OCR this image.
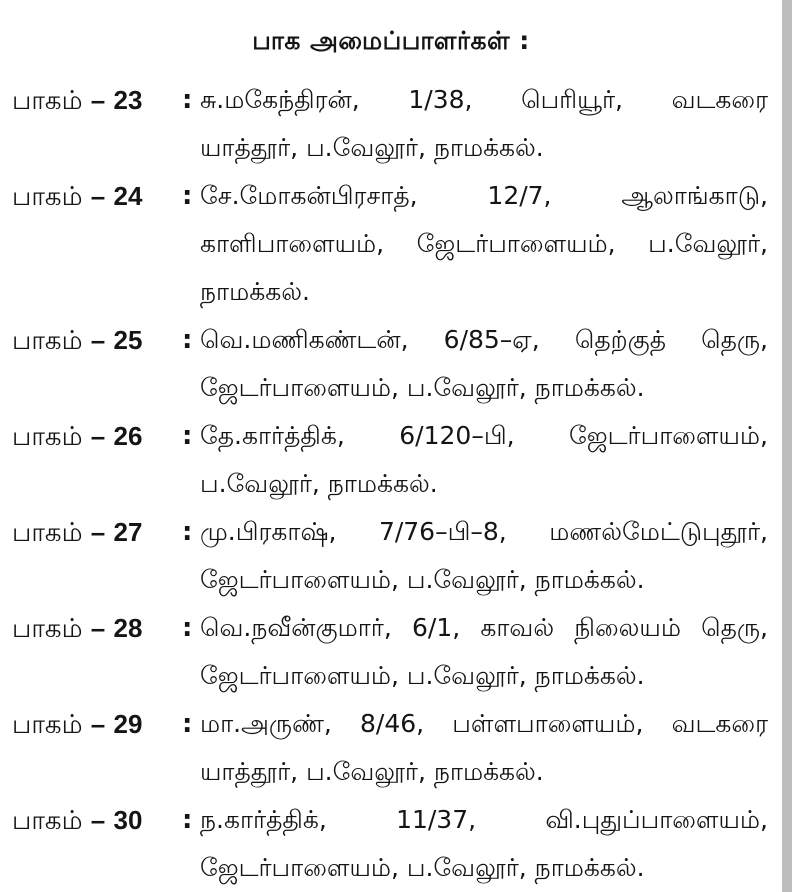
பாக அமைப்பாளர்கள் :
பாகம் – 23 : சு.மகேந்திரன், 1/38, பெரியூர், வடகரை
யாத்தூர், ப.வேலூர், நாமக்கல்.
பாகம் – 24 : சே.மோகன்பிரசாத், 12/7, ஆலாங்காடு,
காளிபாளையம், ஜேடர்பாளையம், ப.வேலூர்,
நாமக்கல்.
பாகம் – 25 : வெ.மணிகண்டன், 6/85–ஏ, தெற்குத் தெரு,
ஜேடர்பாளையம், ப.வேலூர், நாமக்கல்.
பாகம் – 26 : தே.கார்த்திக், 6/120–பி, ஜேடர்பாளையம்,
ப.வேலூர், நாமக்கல்.
பாகம் – 27 : மு.பிரகாஷ், 7/76–பி–8, மணல்மேட்டுபுதூர்,
ஜேடர்பாளையம், ப.வேலூர், நாமக்கல்.
பாகம் – 28 : வெ.நவீன்குமார், 6/1, காவல் நிலையம் தெரு,
ஜேடர்பாளையம், ப.வேலூர், நாமக்கல்.
பாகம் – 29 : மா.அருண், 8/46, பள்ளபாளையம், வடகரை
யாத்தூர், ப.வேலூர், நாமக்கல்.
பாகம் – 30 : ந.கார்த்திக், 11/37, வி.புதுப்பாளையம்,
ஜேடர்பாளையம், ப.வேலூர், நாமக்கல்.
